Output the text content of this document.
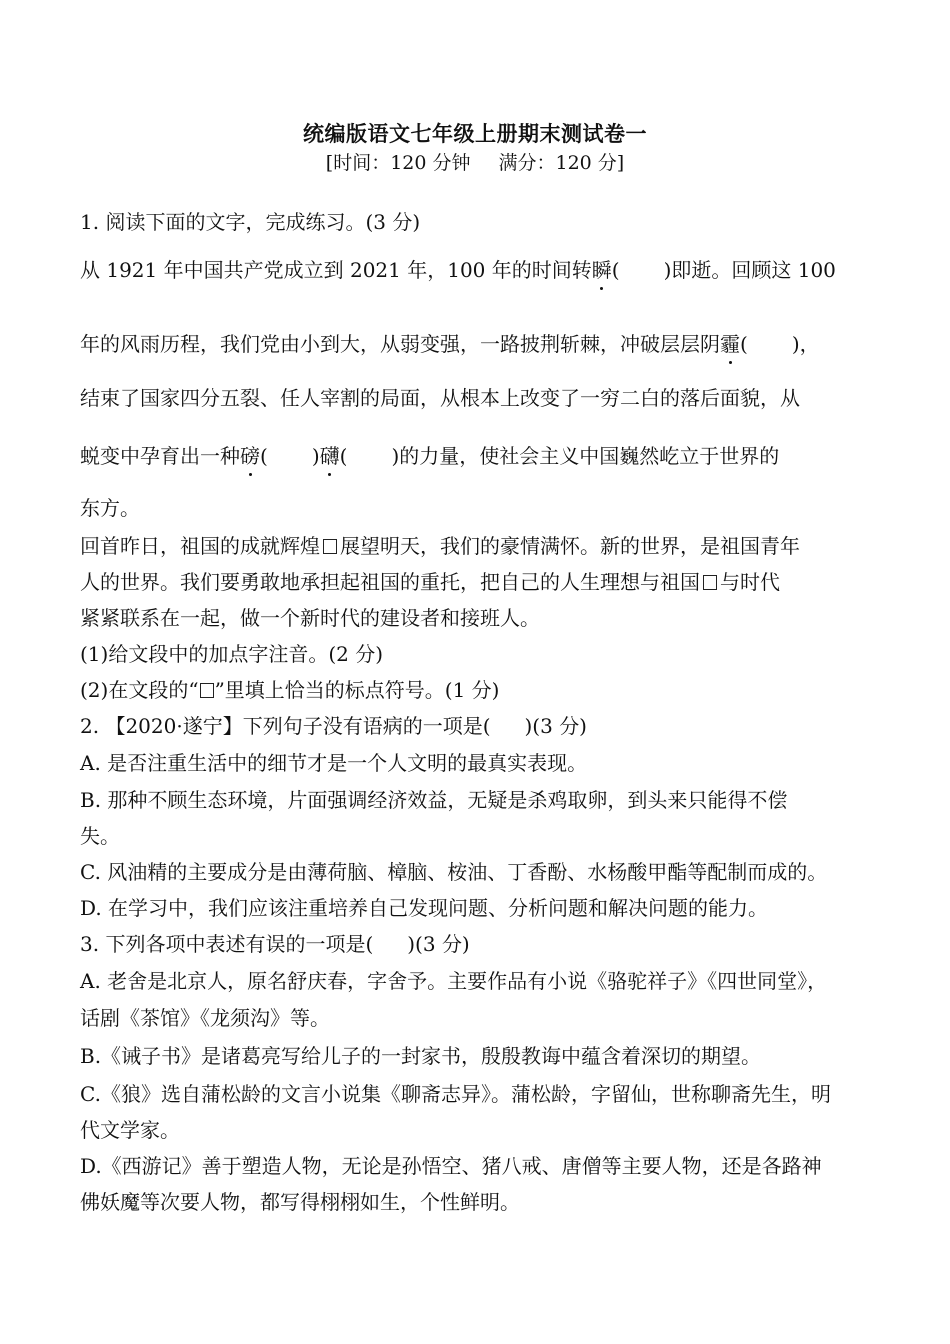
统编版语文七年级上册期末测试卷一
[时间：120 分钟 满分：120 分]
1. 阅读下面的文字，完成练习。(3 分)
从 1921 年中国共产党成立到 2021 年，100 年的时间转瞬( )即逝。回顾这 100
年的风雨历程，我们党由小到大，从弱变强，一路披荆斩棘，冲破层层阴霾( )，
结束了国家四分五裂、任人宰割的局面，从根本上改变了一穷二白的落后面貌，从
蜕变中孕育出一种磅( )礴( )的力量，使社会主义中国巍然屹立于世界的
东方。
回首昨日，祖国的成就辉煌 展望明天，我们的豪情满怀。新的世界，是祖国青年
人的世界。我们要勇敢地承担起祖国的重托，把自己的人生理想与祖国 与时代
紧紧联系在一起，做一个新时代的建设者和接班人。
(1)给文段中的加点字注音。(2 分)
(2)在文段的“ ”里填上恰当的标点符号。(1 分)
2. 【2020·遂宁】下列句子没有语病的一项是( )(3 分)
A. 是否注重生活中的细节才是一个人文明的最真实表现。
B. 那种不顾生态环境，片面强调经济效益，无疑是杀鸡取卵，到头来只能得不偿
失。
C. 风油精的主要成分是由薄荷脑、樟脑、桉油、丁香酚、水杨酸甲酯等配制而成的。
D. 在学习中，我们应该注重培养自己发现问题、分析问题和解决问题的能力。
3. 下列各项中表述有误的一项是( )(3 分)
A. 老舍是北京人，原名舒庆春，字舍予。主要作品有小说《骆驼祥子》《四世同堂》，
话剧《茶馆》《龙须沟》等。
B.《诫子书》是诸葛亮写给儿子的一封家书，殷殷教诲中蕴含着深切的期望。
C.《狼》选自蒲松龄的文言小说集《聊斋志异》。蒲松龄，字留仙，世称聊斋先生，明
代文学家。
D.《西游记》善于塑造人物，无论是孙悟空、猪八戒、唐僧等主要人物，还是各路神
佛妖魔等次要人物，都写得栩栩如生，个性鲜明。
